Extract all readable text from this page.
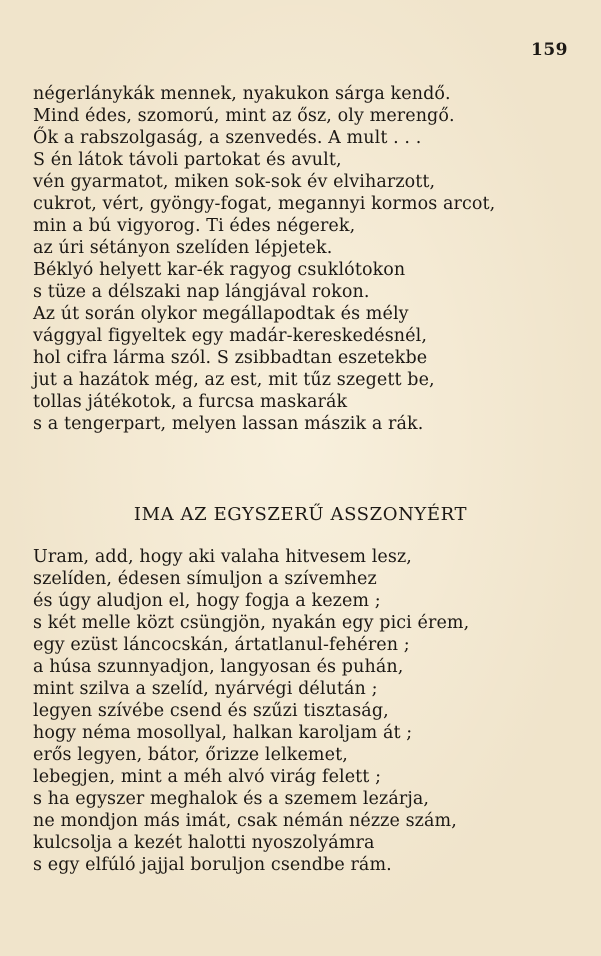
159
négerlánykák mennek, nyakukon sárga kendő.
Mind édes, szomorú, mint az ősz, oly merengő.
Ők a rabszolgaság, a szenvedés. A mult . . .
S én látok távoli partokat és avult,
vén gyarmatot, miken sok-sok év elviharzott,
cukrot, vért, gyöngy-fogat, megannyi kormos arcot,
min a bú vigyorog. Ti édes négerek,
az úri sétányon szelíden lépjetek.
Béklyó helyett kar-ék ragyog csuklótokon
s tüze a délszaki nap lángjával rokon.
Az út során olykor megállapodtak és mély
vággyal figyeltek egy madár-kereskedésnél,
hol cifra lárma szól. S zsibbadtan eszetekbe
jut a hazátok még, az est, mit tűz szegett be,
tollas játékotok, a furcsa maskarák
s a tengerpart, melyen lassan mászik a rák.
IMA AZ EGYSZERŰ ASSZONYÉRT
Uram, add, hogy aki valaha hitvesem lesz,
szelíden, édesen símuljon a szívemhez
és úgy aludjon el, hogy fogja a kezem ;
s két melle közt csüngjön, nyakán egy pici érem,
egy ezüst láncocskán, ártatlanul-fehéren ;
a húsa szunnyadjon, langyosan és puhán,
mint szilva a szelíd, nyárvégi délután ;
legyen szívébe csend és szűzi tisztaság,
hogy néma mosollyal, halkan karoljam át ;
erős legyen, bátor, őrizze lelkemet,
lebegjen, mint a méh alvó virág felett ;
s ha egyszer meghalok és a szemem lezárja,
ne mondjon más imát, csak némán nézze szám,
kulcsolja a kezét halotti nyoszolyámra
s egy elfúló jajjal boruljon csendbe rám.
